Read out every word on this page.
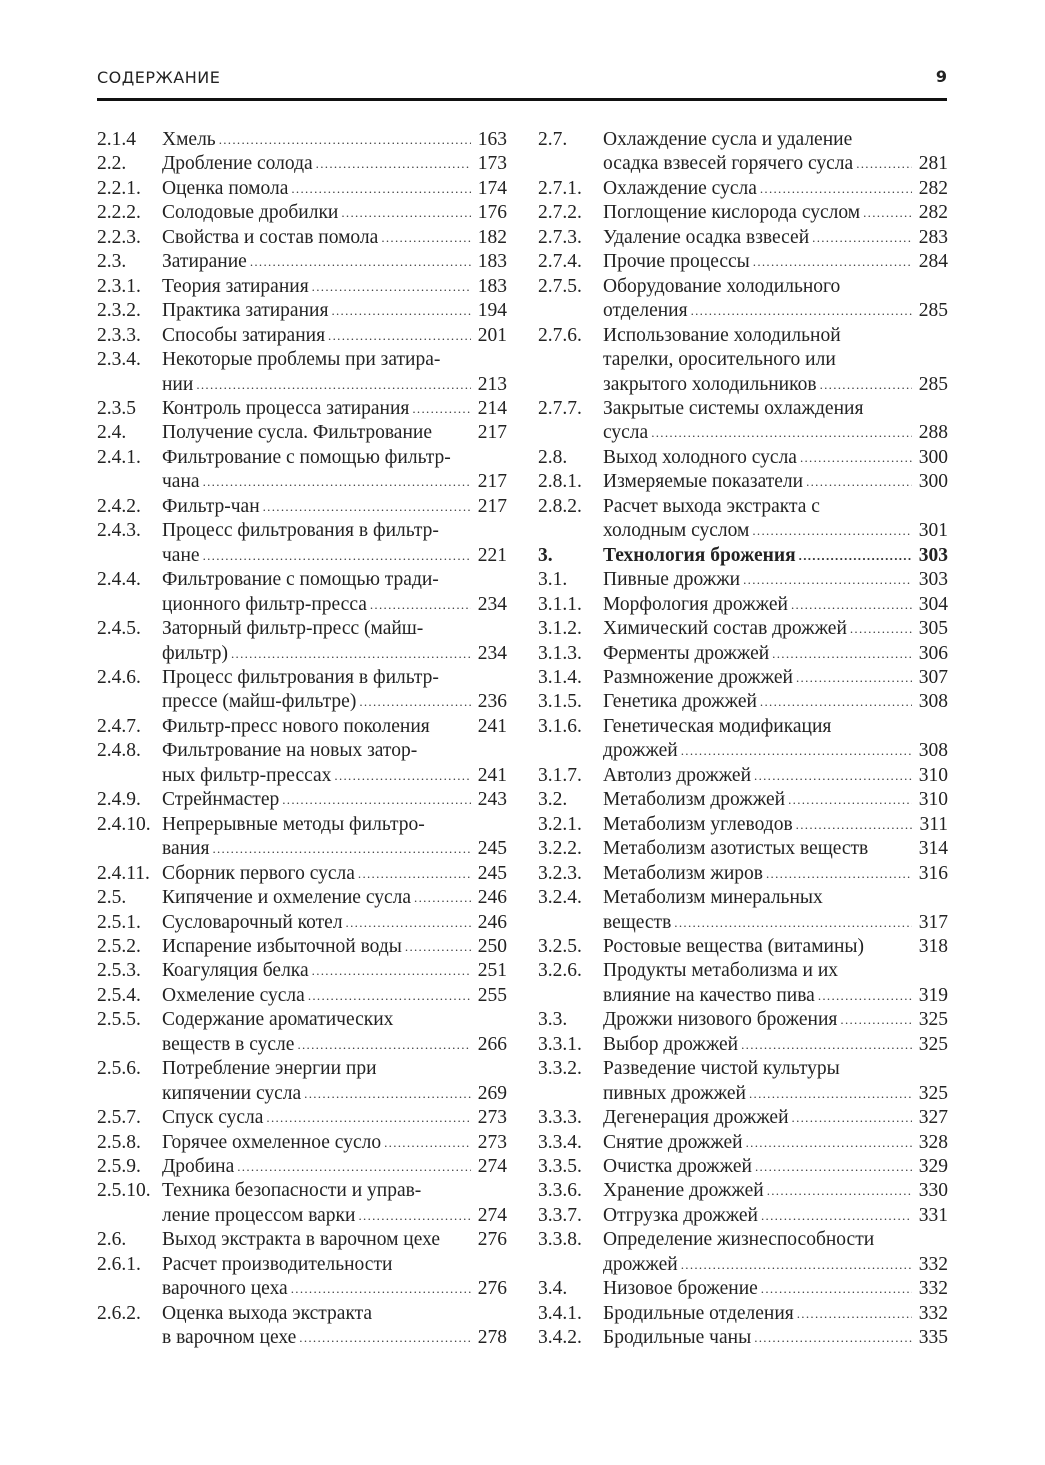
СОДЕРЖАНИЕ	9
2.1.4	Хмель .....	163
2.2.	Дробление солода .....	173
2.2.1.	Оценка помола .....	174
2.2.2.	Солодовые дробилки .....	176
2.2.3.	Свойства и состав помола .....	182
2.3.	Затирание .....	183
2.3.1.	Теория затирания .....	183
2.3.2.	Практика затирания .....	194
2.3.3.	Способы затирания .....	201
2.3.4.	Некоторые проблемы при затира-
нии .....	213
2.3.5	Контроль процесса затирания .....	214
2.4.	Получение сусла. Фильтрование 217
2.4.1.	Фильтрование с помощью фильтр-
чана .....	217
2.4.2.	Фильтр-чан .....	217
2.4.3.	Процесс фильтрования в фильтр-
чане .....	221
2.4.4.	Фильтрование с помощью тради-
ционного фильтр-пресса .....	234
2.4.5.	Заторный фильтр-пресс (майш-
фильтр) .....	234
2.4.6.	Процесс фильтрования в фильтр-
прессе (майш-фильтре) .....	236
2.4.7.	Фильтр-пресс нового поколения 241
2.4.8.	Фильтрование на новых затор-
ных фильтр-прессах .....	241
2.4.9.	Стрейнмастер .....	243
2.4.10. Непрерывные методы фильтро-
вания .....	245
2.4.11. Сборник первого сусла .....	245
2.5.	Кипячение и охмеление сусла .....	246
2.5.1.	Сусловарочный котел .....	246
2.5.2.	Испарение избыточной воды .....	250
2.5.3.	Коагуляция белка .....	251
2.5.4.	Охмеление сусла .....	255
2.5.5.	Содержание ароматических
веществ в сусле .....	266
2.5.6.	Потребление энергии при
кипячении сусла .....	269
2.5.7.	Спуск сусла .....	273
2.5.8.	Горячее охмеленное сусло .....	273
2.5.9.	Дробина .....	274
2.5.10. Техника безопасности и управ-
ление процессом варки .....	274
2.6.	Выход экстракта в варочном цехе 276
2.6.1.	Расчет производительности
варочного цеха .....	276
2.6.2.	Оценка выхода экстракта
в варочном цехе .....	278
2.7.	Охлаждение сусла и удаление
осадка взвесей горячего сусла .....	281
2.7.1.	Охлаждение сусла .....	282
2.7.2.	Поглощение кислорода суслом .....	282
2.7.3.	Удаление осадка взвесей .....	283
2.7.4.	Прочие процессы .....	284
2.7.5.	Оборудование холодильного
отделения .....	285
2.7.6.	Использование холодильной
тарелки, оросительного или
закрытого холодильников .....	285
2.7.7.	Закрытые системы охлаждения
сусла .....	288
2.8.	Выход холодного сусла .....	300
2.8.1.	Измеряемые показатели .....	300
2.8.2.	Расчет выхода экстракта с
холодным суслом .....	301
3.	Технология брожения .....	303
3.1.	Пивные дрожжи .....	303
3.1.1.	Морфология дрожжей .....	304
3.1.2.	Химический состав дрожжей .....	305
3.1.3.	Ферменты дрожжей .....	306
3.1.4.	Размножение дрожжей .....	307
3.1.5.	Генетика дрожжей .....	308
3.1.6.	Генетическая модификация
дрожжей .....	308
3.1.7.	Автолиз дрожжей .....	310
3.2.	Метаболизм дрожжей .....	310
3.2.1.	Метаболизм углеводов .....	311
3.2.2.	Метаболизм азотистых веществ	314
3.2.3.	Метаболизм жиров .....	316
3.2.4.	Метаболизм минеральных
веществ .....	317
3.2.5.	Ростовые вещества (витамины)	318
3.2.6.	Продукты метаболизма и их
влияние на качество пива .....	319
3.3.	Дрожжи низового брожения .....	325
3.3.1.	Выбор дрожжей .....	325
3.3.2.	Разведение чистой культуры
пивных дрожжей .....	325
3.3.3.	Дегенерация дрожжей .....	327
3.3.4.	Снятие дрожжей .....	328
3.3.5.	Очистка дрожжей .....	329
3.3.6.	Хранение дрожжей .....	330
3.3.7.	Отгрузка дрожжей .....	331
3.3.8.	Определение жизнеспособности
дрожжей .....	332
3.4.	Низовое брожение .....	332
3.4.1.	Бродильные отделения .....	332
3.4.2.	Бродильные чаны .....	335
